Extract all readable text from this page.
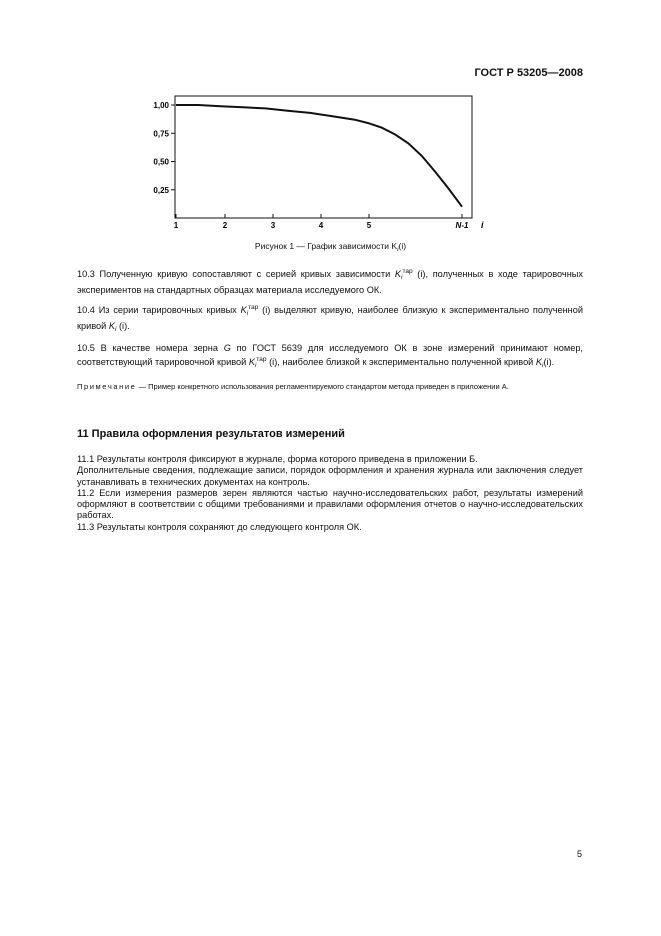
ГОСТ Р 53205—2008
1,00
0,75
0,50
0,25
1	2	3	4	5	N-1 i
Рисунок 1 — График зависимости $K_i(i)$

10.3 Полученную кривую сопоставляют с серией кривых зависимости $K_i^{тар}$ (i), полученных в ходе тарировочных экспериментов на стандартных образцах материала исследуемого ОК.

10.4 Из серии тарировочных кривых $K_i^{тар}$ (i) выделяют кривую, наиболее близкую к экспериментально полученной кривой $K_i$ (i).

10.5 В качестве номера зерна G по ГОСТ 5639 для исследуемого ОК в зоне измерений принимают номер, соответствующий тарировочной кривой $K_i^{тар}$ (i), наиболее близкой к экспериментально полученной кривой $K_i(i)$.

Примечание — Пример конкретного использования регламентируемого стандартом метода приведен в приложении А.

11 Правила оформления результатов измерений

11.1 Результаты контроля фиксируют в журнале, форма которого приведена в приложении Б.

Дополнительные сведения, подлежащие записи, порядок оформления и хранения журнала или заключения следует устанавливать в технических документах на контроль.

11.2 Если измерения размеров зерен являются частью научно-исследовательских работ, результаты измерений оформляют в соответствии с общими требованиями и правилами оформления отчетов о научно-исследовательских работах.

11.3 Результаты контроля сохраняют до следующего контроля ОК.

5
